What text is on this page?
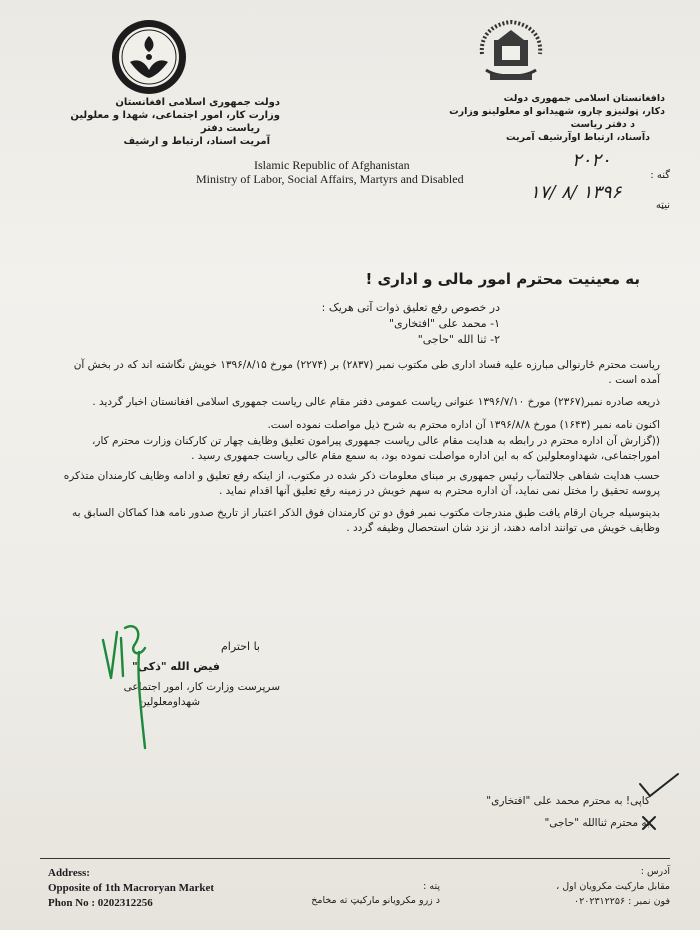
دولت جمهوری اسلامی افغانستان
وزارت کار، امور اجتماعی، شهدا و معلولین
ریاست دفتر
آمریت اسناد، ارتباط و ارشیف
دافغانستان اسلامی جمهوری دولت
دکار، ټولنیزو چارو، شهیدانو او معلولینو وزارت
د دفتر ریاست
دآسناد، ارتباط اوآرشیف آمریت
Islamic Republic of Afghanistan
Ministry of Labor, Social Affairs, Martyrs and Disabled
۲۰۲۰
گنه :
۱۷/ ۸/ ۱۳۹۶
نیټه
به معینیت محترم امور مالی و اداری !
در خصوص رفع تعلیق ذوات آتی هریک :
۱- محمد علی "افتخاری"
۲- ثنا الله "حاجی"

ریاست محترم ځارنوالی مبارزه علیه فساد اداری طی مکتوب نمبر (۲۸۳۷) بر (۲۲۷۴) مورخ ۱۳۹۶/۸/۱۵ خویش نگاشته اند که در بخش آن آمده است .

ذریعه صادره نمبر(۲۳۶۷) مورخ ۱۳۹۶/۷/۱۰ عنوانی ریاست عمومی دفتر مقام عالی ریاست جمهوری اسلامی افغانستان اخبار گردید .

اکنون نامه نمبر (۱۶۴۳) مورخ ۱۳۹۶/۸/۸ آن اداره محترم به شرح ذیل مواصلت نموده است.

((گزارش آن اداره محترم در رابطه به هدایت مقام عالی ریاست جمهوری پیرامون تعلیق وظایف چهار تن کارکنان وزارت محترم کار، اموراجتماعی، شهداومعلولین که به این اداره مواصلت نموده بود، به سمع مقام عالی ریاست جمهوری رسید .

حسب هدایت شفاهی جلالتمآب رئیس جمهوری بر مبنای معلومات ذکر شده در مکتوب، از اینکه رفع تعلیق و ادامه وظایف کارمندان متذکره پروسه تحقیق را مختل نمی نماید، آن اداره محترم به سهم خویش در زمینه رفع تعلیق آنها اقدام نماید .

بدینوسیله جریان ارقام یافت طبق مندرجات مکتوب نمبر فوق دو تن کارمندان فوق الذکر اعتبار از تاریخ صدور نامه هذا کماکان السابق به وظایف خویش می توانند ادامه دهند، از نزد شان استحصال وظیفه گردد .

با احترام
فیض الله "ذکی"
سرپرست وزارت کار، امور اجتماعی
شهداومعلولین
کاپی! به محترم محمد علی "افتخاری"
به محترم ثناالله "حاجی"
Address:
Opposite of 1th Macroryan Market
Phon No : 0202312256
پته :
د زرو مکرویانو مارکیټ ته مخامخ
آدرس :
مقابل مارکیت مکرویان اول ،
فون نمبر : ۰۲۰۲۳۱۲۲۵۶
